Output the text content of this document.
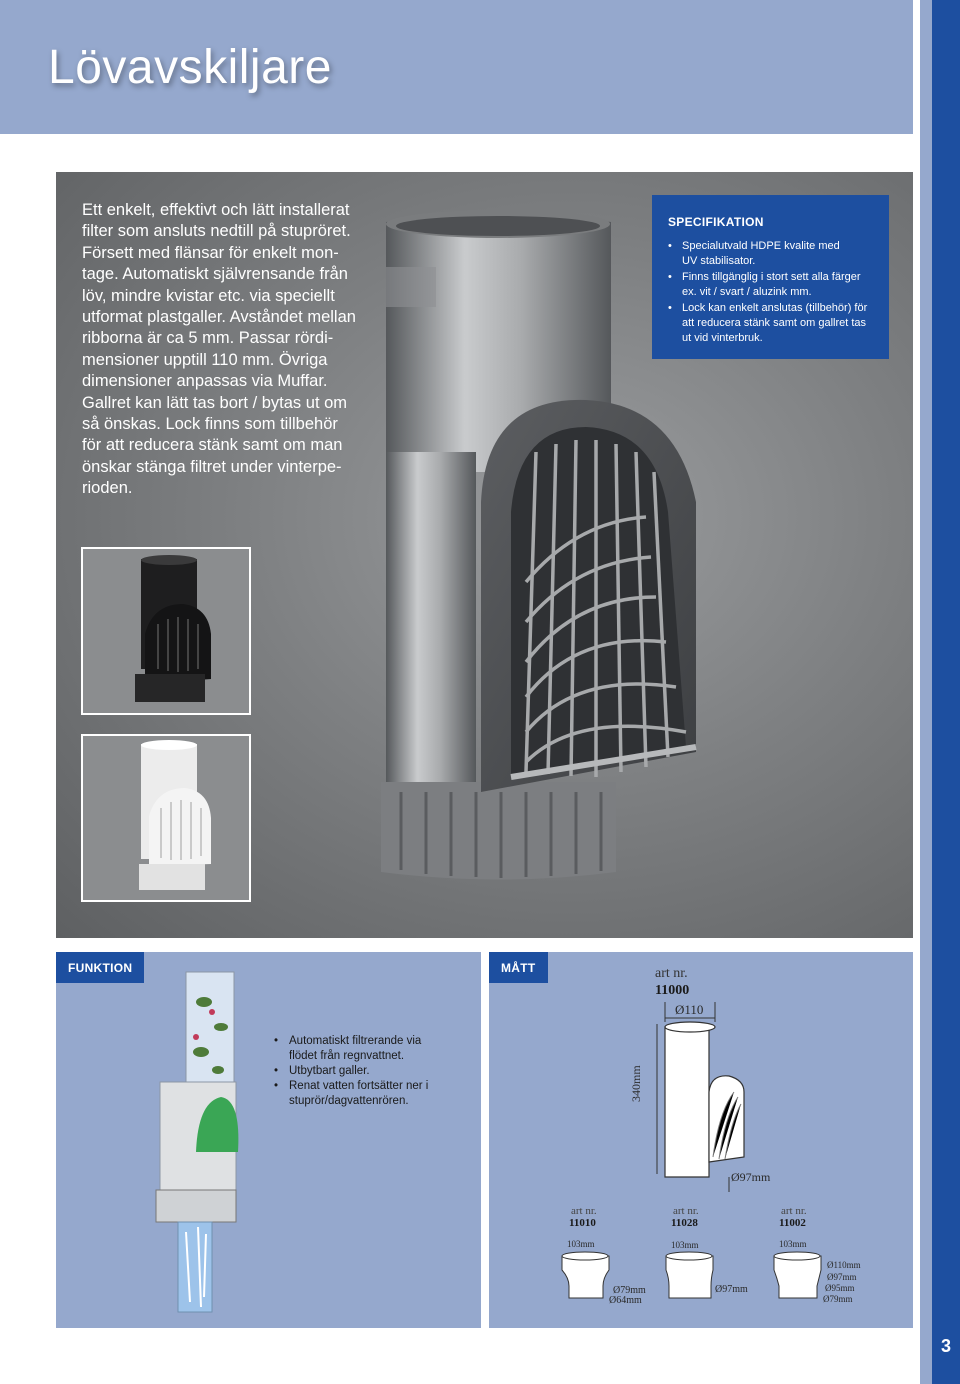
Lövavskiljare
3

Ett enkelt, effektivt och lätt installerat
filter som ansluts nedtill på stupröret.
Försett med flänsar för enkelt mon-
tage. Automatiskt självrensande från
löv, mindre kvistar etc. via speciellt
utformat plastgaller. Avståndet mellan
ribborna är ca 5 mm. Passar rördi-
mensioner upptill 110 mm. Övriga
dimensioner anpassas via Muffar.
Gallret kan lätt tas bort / bytas ut om
så önskas. Lock finns som tillbehör
för att reducera stänk samt om man
önskar stänga filtret under vinterpe-
rioden.

SPECIFIKATION
• Specialutvald HDPE kvalite med
UV stabilisator.
• Finns tillgänglig i stort sett alla färger
ex. vit / svart / aluzink mm.
• Lock kan enkelt anslutas (tillbehör) för
att reducera stänk samt om gallret tas
ut vid vinterbruk.
FUNKTION
• Automatiskt filtrerande via
flödet från regnvattnet.
• Utbytbart galler.
• Renat vatten fortsätter ner i
stuprör/dagvattenrören.
MÅTT	art nr.
11000
Ø110
340mm
Ø97mm
art nr.
11010
103mm
Ø79mm
Ø64mm
art nr.
11028
103mm
Ø97mm
art nr.
11002
103mm
Ø110mm
Ø97mm
Ø95mm
Ø79mm
